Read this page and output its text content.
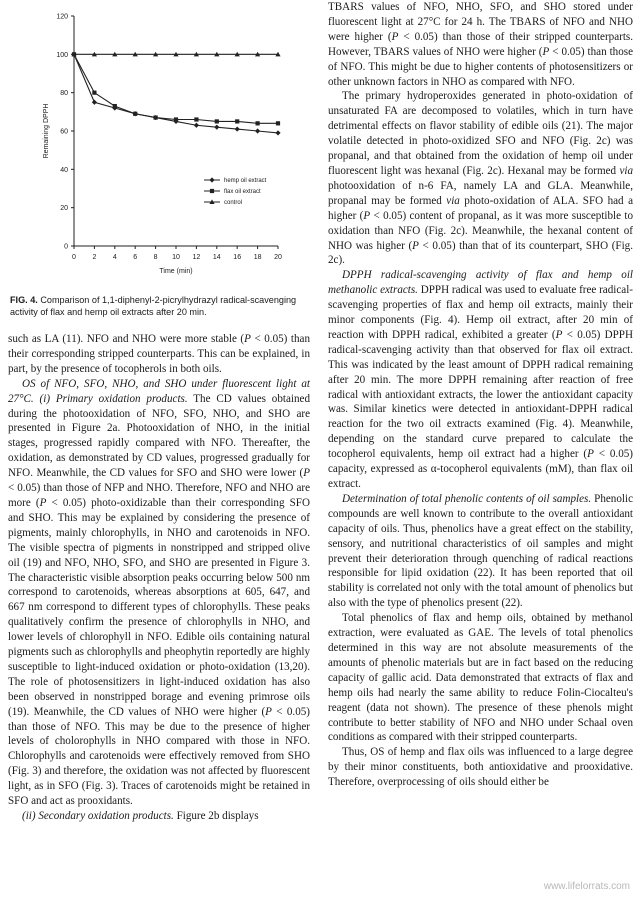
0
20
40
60
80
100
120
0 2 4 6 8 10 12 14 16 18 20
Time (min)
Remaining DPPH
hemp oil extract
flax oil extract
control
FIG. 4. Comparison of 1,1-diphenyl-2-picrylhydrazyl radical-scavenging activity of flax and hemp oil extracts after 20 min.

such as LA (11). NFO and NHO were more stable (P < 0.05) than their corresponding stripped counterparts. This can be explained, in part, by the presence of tocopherols in both oils.

OS of NFO, SFO, NHO, and SHO under fluorescent light at 27°C. (i) Primary oxidation products. The CD values obtained during the photooxidation of NFO, SFO, NHO, and SHO are presented in Figure 2a. Photooxidation of NHO, in the initial stages, progressed rapidly compared with NFO. Thereafter, the oxidation, as demonstrated by CD values, progressed gradually for NFO. Meanwhile, the CD values for SFO and SHO were lower (P < 0.05) than those of NFP and NHO. Therefore, NFO and NHO are more (P < 0.05) photo-oxidizable than their corresponding SFO and SHO. This may be explained by considering the presence of pigments, mainly chlorophylls, in NHO and carotenoids in NFO. The visible spectra of pigments in nonstripped and stripped olive oil (19) and NFO, NHO, SFO, and SHO are presented in Figure 3. The characteristic visible absorption peaks occurring below 500 nm correspond to carotenoids, whereas absorptions at 605, 647, and 667 nm correspond to different types of chlorophylls. These peaks qualitatively confirm the presence of chlorophylls in NHO, and lower levels of chlorophyll in NFO. Edible oils containing natural pigments such as chlorophylls and pheophytin reportedly are highly susceptible to light-induced oxidation or photo-oxidation (13,20). The role of photosensitizers in light-induced oxidation has also been observed in nonstripped borage and evening primrose oils (19). Meanwhile, the CD values of NHO were higher (P < 0.05) than those of NFO. This may be due to the presence of higher levels of cholorophylls in NHO compared with those in NFO. Chlorophylls and carotenoids were effectively removed from SHO (Fig. 3) and therefore, the oxidation was not affected by fluorescent light, as in SFO (Fig. 3). Traces of carotenoids might be retained in SFO and act as prooxidants.

(ii) Secondary oxidation products. Figure 2b displays

TBARS values of NFO, NHO, SFO, and SHO stored under fluorescent light at 27°C for 24 h. The TBARS of NFO and NHO were higher (P < 0.05) than those of their stripped counterparts. However, TBARS values of NHO were higher (P < 0.05) than those of NFO. This might be due to higher contents of photosensitizers or other unknown factors in NHO as compared with NFO.

The primary hydroperoxides generated in photo-oxidation of unsaturated FA are decomposed to volatiles, which in turn have detrimental effects on flavor stability of edible oils (21). The major volatile detected in photo-oxidized SFO and NFO (Fig. 2c) was propanal, and that obtained from the oxidation of hemp oil under fluorescent light was hexanal (Fig. 2c). Hexanal may be formed via photooxidation of n-6 FA, namely LA and GLA. Meanwhile, propanal may be formed via photo-oxidation of ALA. SFO had a higher (P < 0.05) content of propanal, as it was more susceptible to oxidation than NFO (Fig. 2c). Meanwhile, the hexanal content of NHO was higher (P < 0.05) than that of its counterpart, SHO (Fig. 2c).

DPPH radical-scavenging activity of flax and hemp oil methanolic extracts. DPPH radical was used to evaluate free radical-scavenging properties of flax and hemp oil extracts, mainly their minor components (Fig. 4). Hemp oil extract, after 20 min of reaction with DPPH radical, exhibited a greater (P < 0.05) DPPH radical-scavenging activity than that observed for flax oil extract. This was indicated by the least amount of DPPH radical remaining after 20 min. The more DPPH remaining after reaction of free radical with antioxidant extracts, the lower the antioxidant capacity was. Similar kinetics were detected in antioxidant-DPPH radical reaction for the two oil extracts examined (Fig. 4). Meanwhile, depending on the standard curve prepared to calculate the tocopherol equivalents, hemp oil extract had a higher (P < 0.05) capacity, expressed as α-tocopherol equivalents (mM), than flax oil extract.

Determination of total phenolic contents of oil samples. Phenolic compounds are well known to contribute to the overall antioxidant capacity of oils. Thus, phenolics have a great effect on the stability, sensory, and nutritional characteristics of oil samples and might prevent their deterioration through quenching of radical reactions responsible for lipid oxidation (22). It has been reported that oil stability is correlated not only with the total amount of phenolics but also with the type of phenolics present (22).

Total phenolics of flax and hemp oils, obtained by methanol extraction, were evaluated as GAE. The levels of total phenolics determined in this way are not absolute measurements of the amounts of phenolic materials but are in fact based on the reducing capacity of gallic acid. Data demonstrated that extracts of flax and hemp oils had nearly the same ability to reduce Folin-Ciocalteu's reagent (data not shown). The presence of these phenols might contribute to better stability of NFO and NHO under Schaal oven conditions as compared with their stripped counterparts.

Thus, OS of hemp and flax oils was influenced to a large degree by their minor constituents, both antioxidative and prooxidative. Therefore, overprocessing of oils should either be

www.lifelorrats.com
